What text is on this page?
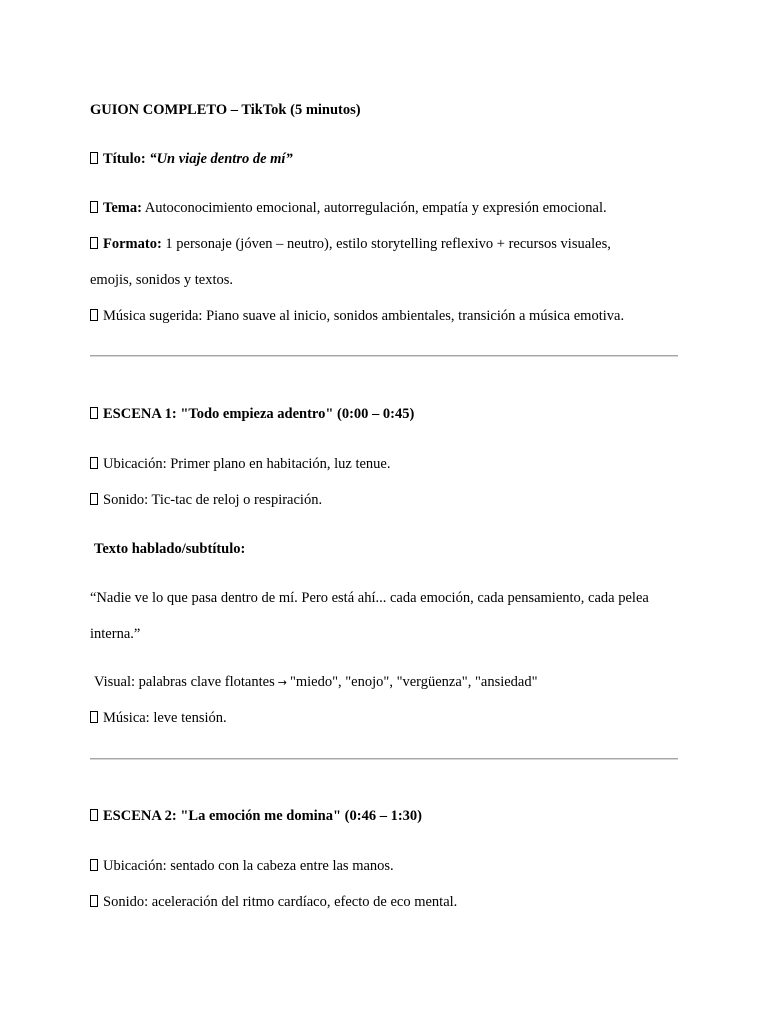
GUION COMPLETO – TikTok (5 minutos)
Título: “Un viaje dentro de mí”
Tema: Autoconocimiento emocional, autorregulación, empatía y expresión emocional.
Formato: 1 personaje (jóven – neutro), estilo storytelling reflexivo + recursos visuales,
emojis, sonidos y textos.
Música sugerida: Piano suave al inicio, sonidos ambientales, transición a música emotiva.
ESCENA 1: "Todo empieza adentro" (0:00 – 0:45)
Ubicación: Primer plano en habitación, luz tenue.
Sonido: Tic-tac de reloj o respiración.
Texto hablado/subtítulo:
“Nadie ve lo que pasa dentro de mí. Pero está ahí... cada emoción, cada pensamiento, cada pelea
interna.”
Visual: palabras clave flotantes → "miedo", "enojo", "vergüenza", "ansiedad"
Música: leve tensión.
ESCENA 2: "La emoción me domina" (0:46 – 1:30)
Ubicación: sentado con la cabeza entre las manos.
Sonido: aceleración del ritmo cardíaco, efecto de eco mental.
